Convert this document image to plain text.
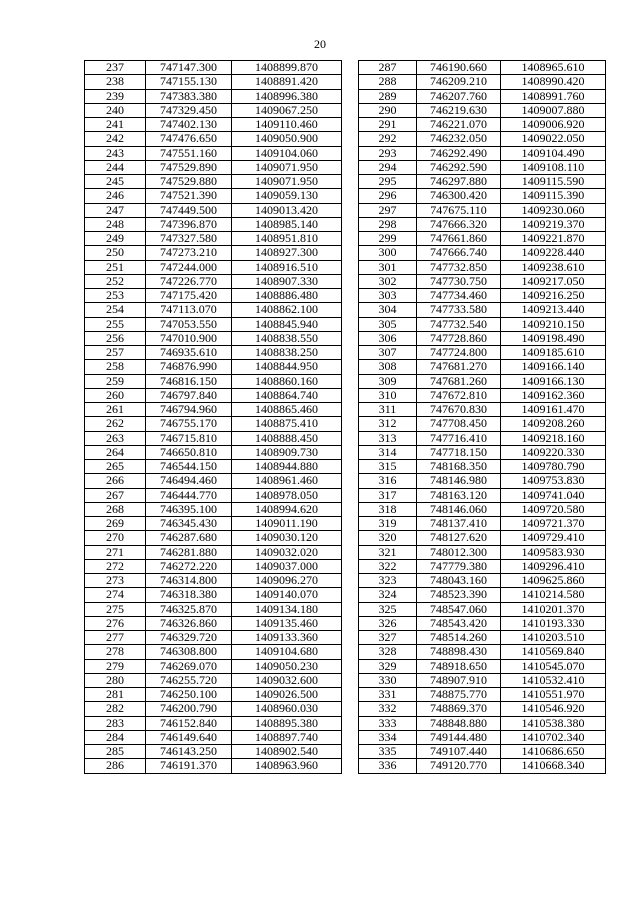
20
237	747147.300	1408899.870
238	747155.130	1408891.420
239	747383.380	1408996.380
240	747329.450	1409067.250
241	747402.130	1409110.460
242	747476.650	1409050.900
243	747551.160	1409104.060
244	747529.890	1409071.950
245	747529.880	1409071.950
246	747521.390	1409059.130
247	747449.500	1409013.420
248	747396.870	1408985.140
249	747327.580	1408951.810
250	747273.210	1408927.300
251	747244.000	1408916.510
252	747226.770	1408907.330
253	747175.420	1408886.480
254	747113.070	1408862.100
255	747053.550	1408845.940
256	747010.900	1408838.550
257	746935.610	1408838.250
258	746876.990	1408844.950
259	746816.150	1408860.160
260	746797.840	1408864.740
261	746794.960	1408865.460
262	746755.170	1408875.410
263	746715.810	1408888.450
264	746650.810	1408909.730
265	746544.150	1408944.880
266	746494.460	1408961.460
267	746444.770	1408978.050
268	746395.100	1408994.620
269	746345.430	1409011.190
270	746287.680	1409030.120
271	746281.880	1409032.020
272	746272.220	1409037.000
273	746314.800	1409096.270
274	746318.380	1409140.070
275	746325.870	1409134.180
276	746326.860	1409135.460
277	746329.720	1409133.360
278	746308.800	1409104.680
279	746269.070	1409050.230
280	746255.720	1409032.600
281	746250.100	1409026.500
282	746200.790	1408960.030
283	746152.840	1408895.380
284	746149.640	1408897.740
285	746143.250	1408902.540
286	746191.370	1408963.960
287	746190.660	1408965.610
288	746209.210	1408990.420
289	746207.760	1408991.760
290	746219.630	1409007.880
291	746221.070	1409006.920
292	746232.050	1409022.050
293	746292.490	1409104.490
294	746292.590	1409108.110
295	746297.880	1409115.590
296	746300.420	1409115.390
297	747675.110	1409230.060
298	747666.320	1409219.370
299	747661.860	1409221.870
300	747666.740	1409228.440
301	747732.850	1409238.610
302	747730.750	1409217.050
303	747734.460	1409216.250
304	747733.580	1409213.440
305	747732.540	1409210.150
306	747728.860	1409198.490
307	747724.800	1409185.610
308	747681.270	1409166.140
309	747681.260	1409166.130
310	747672.810	1409162.360
311	747670.830	1409161.470
312	747708.450	1409208.260
313	747716.410	1409218.160
314	747718.150	1409220.330
315	748168.350	1409780.790
316	748146.980	1409753.830
317	748163.120	1409741.040
318	748146.060	1409720.580
319	748137.410	1409721.370
320	748127.620	1409729.410
321	748012.300	1409583.930
322	747779.380	1409296.410
323	748043.160	1409625.860
324	748523.390	1410214.580
325	748547.060	1410201.370
326	748543.420	1410193.330
327	748514.260	1410203.510
328	748898.430	1410569.840
329	748918.650	1410545.070
330	748907.910	1410532.410
331	748875.770	1410551.970
332	748869.370	1410546.920
333	748848.880	1410538.380
334	749144.480	1410702.340
335	749107.440	1410686.650
336	749120.770	1410668.340
